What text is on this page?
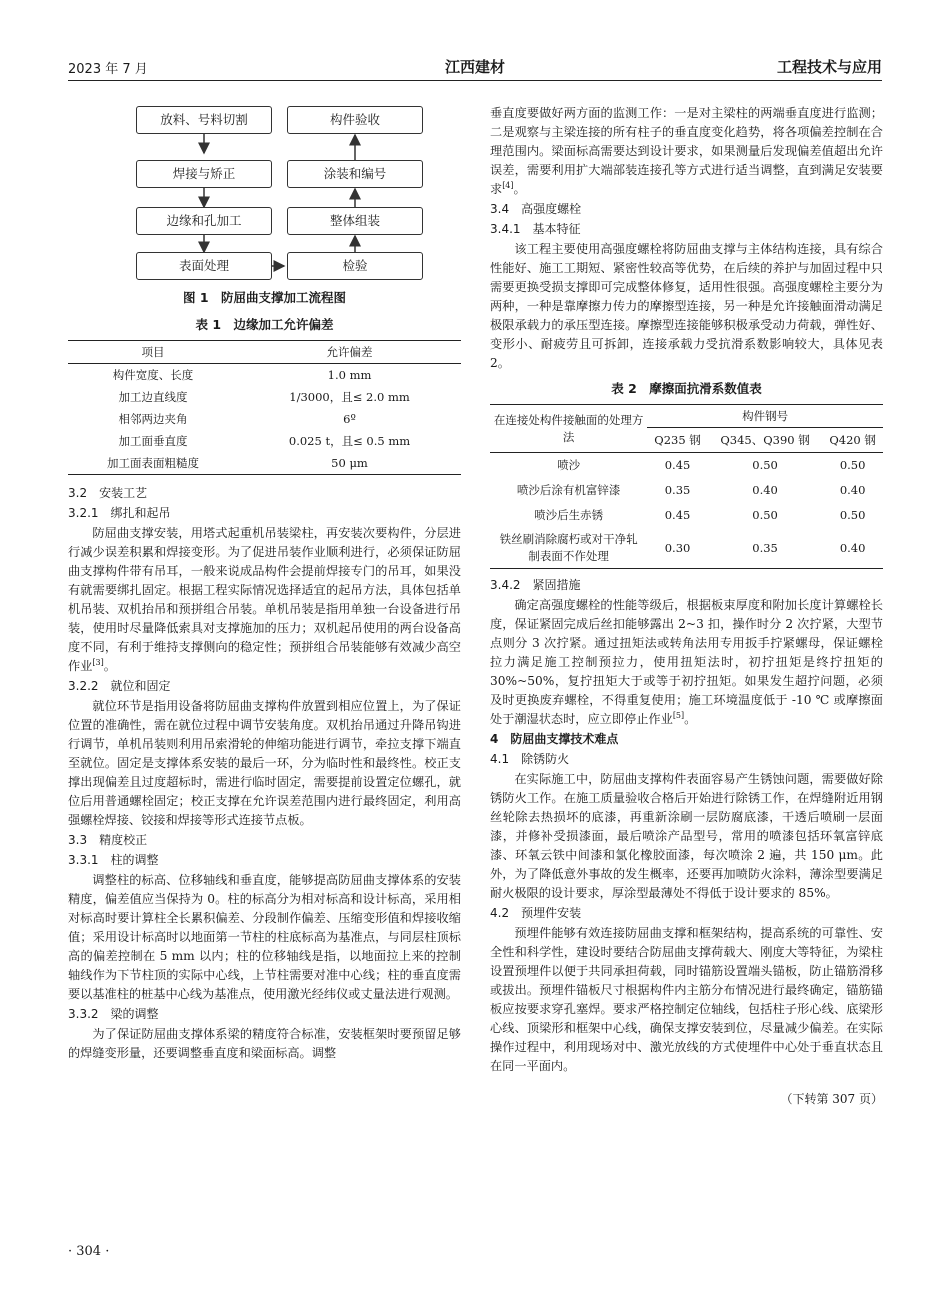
2023 年 7 月	江西建材	工程技术与应用
放料、号料切割
焊接与矫正
边缘和孔加工
表面处理	检验
整体组装
涂装和编号
构件验收
图 1　防屈曲支撑加工流程图
表 1　边缘加工允许偏差
项目	允许偏差
构件宽度、长度	1.0 mm
加工边直线度	1/3000，且≤ 2.0 mm
相邻两边夹角	6º
加工面垂直度	0.025 t，且≤ 0.5 mm
加工面表面粗糙度	50 μm
3.2　安装工艺
3.2.1　绑扎和起吊

防屈曲支撑安装，用塔式起重机吊装梁柱，再安装次要构件，分层进行减少误差积累和焊接变形。为了促进吊装作业顺利进行，必须保证防屈曲支撑构件带有吊耳，一般来说成品构件会提前焊接专门的吊耳，如果没有就需要绑扎固定。根据工程实际情况选择适宜的起吊方法，具体包括单机吊装、双机抬吊和预拼组合吊装。单机吊装是指用单独一台设备进行吊装，使用时尽量降低索具对支撑施加的压力；双机起吊使用的两台设备高度不同，有利于维持支撑侧向的稳定性；预拼组合吊装能够有效减少高空作业[3]。

3.2.2　就位和固定

就位环节是指用设备将防屈曲支撑构件放置到相应位置上，为了保证位置的准确性，需在就位过程中调节安装角度。双机抬吊通过升降吊钩进行调节，单机吊装则利用吊索滑轮的伸缩功能进行调节，牵拉支撑下端直至就位。固定是支撑体系安装的最后一环，分为临时性和最终性。校正支撑出现偏差且过度超标时，需进行临时固定，需要提前设置定位螺孔，就位后用普通螺栓固定；校正支撑在允许误差范围内进行最终固定，利用高强螺栓焊接、铰接和焊接等形式连接节点板。

3.3　精度校正
3.3.1　柱的调整

调整柱的标高、位移轴线和垂直度，能够提高防屈曲支撑体系的安装精度，偏差值应当保持为 0。柱的标高分为相对标高和设计标高，采用相对标高时要计算柱全长累积偏差、分段制作偏差、压缩变形值和焊接收缩值；采用设计标高时以地面第一节柱的柱底标高为基准点，与同层柱顶标高的偏差控制在 5 mm 以内；柱的位移轴线是指，以地面拉上来的控制轴线作为下节柱顶的实际中心线，上节柱需要对准中心线；柱的垂直度需要以基准柱的桩基中心线为基准点，使用激光经纬仪或丈量法进行观测。

3.3.2　梁的调整

为了保证防屈曲支撑体系梁的精度符合标准，安装框架时要预留足够的焊缝变形量，还要调整垂直度和梁面标高。调整

垂直度要做好两方面的监测工作：一是对主梁柱的两端垂直度进行监测；二是观察与主梁连接的所有柱子的垂直度变化趋势，将各项偏差控制在合理范围内。梁面标高需要达到设计要求，如果测量后发现偏差值超出允许误差，需要利用扩大端部装连接孔等方式进行适当调整，直到满足安装要求[4]。

3.4　高强度螺栓
3.4.1　基本特征

该工程主要使用高强度螺栓将防屈曲支撑与主体结构连接，具有综合性能好、施工工期短、紧密性较高等优势，在后续的养护与加固过程中只需要更换受损支撑即可完成整体修复，适用性很强。高强度螺栓主要分为两种，一种是靠摩擦力传力的摩擦型连接，另一种是允许接触面滑动满足极限承载力的承压型连接。摩擦型连接能够积极承受动力荷载，弹性好、变形小、耐疲劳且可拆卸，连接承载力受抗滑系数影响较大，具体见表 2。

表 2　摩擦面抗滑系数值表
在连接处构件接触面的处理方法	构件钢号		
	Q235 钢	Q345、Q390 钢	Q420 钢
喷沙	0.45	0.50	0.50
喷沙后涂有机富锌漆	0.35	0.40	0.40
喷沙后生赤锈	0.45	0.50	0.50
铁丝刷消除腐朽或对干净轧制表面不作处理	0.30	0.35	0.40
3.4.2　紧固措施

确定高强度螺栓的性能等级后，根据板束厚度和附加长度计算螺栓长度，保证紧固完成后丝扣能够露出 2~3 扣，操作时分 2 次拧紧，大型节点则分 3 次拧紧。通过扭矩法或转角法用专用扳手拧紧螺母，保证螺栓拉力满足施工控制预拉力，使用扭矩法时，初拧扭矩是终拧扭矩的 30%~50%，复拧扭矩大于或等于初拧扭矩。如果发生超拧问题，必须及时更换废弃螺栓，不得重复使用；施工环境温度低于 -10 ℃ 或摩擦面处于潮湿状态时，应立即停止作业[5]。

4　防屈曲支撑技术难点
4.1　除锈防火

在实际施工中，防屈曲支撑构件表面容易产生锈蚀问题，需要做好除锈防火工作。在施工质量验收合格后开始进行除锈工作，在焊缝附近用钢丝轮除去热损坏的底漆，再重新涂刷一层防腐底漆，干透后喷刷一层面漆，并修补受损漆面，最后喷涂产品型号，常用的喷漆包括环氧富锌底漆、环氧云铁中间漆和氯化橡胶面漆，每次喷涂 2 遍，共 150 μm。此外，为了降低意外事故的发生概率，还要再加喷防火涂料，薄涂型要满足耐火极限的设计要求，厚涂型最薄处不得低于设计要求的 85%。

4.2　预埋件安装

预埋件能够有效连接防屈曲支撑和框架结构，提高系统的可靠性、安全性和科学性，建设时要结合防屈曲支撑荷载大、刚度大等特征，为梁柱设置预埋件以便于共同承担荷载，同时锚筋设置端头锚板，防止锚筋滑移或拔出。预埋件锚板尺寸根据构件内主筋分布情况进行最终确定，锚筋锚板应按要求穿孔塞焊。要求严格控制定位轴线，包括柱子形心线、底梁形心线、顶梁形和框架中心线，确保支撑安装到位，尽量减少偏差。在实际操作过程中，利用现场对中、激光放线的方式使埋件中心处于垂直状态且在同一平面内。

（下转第 307 页）
· 304 ·
